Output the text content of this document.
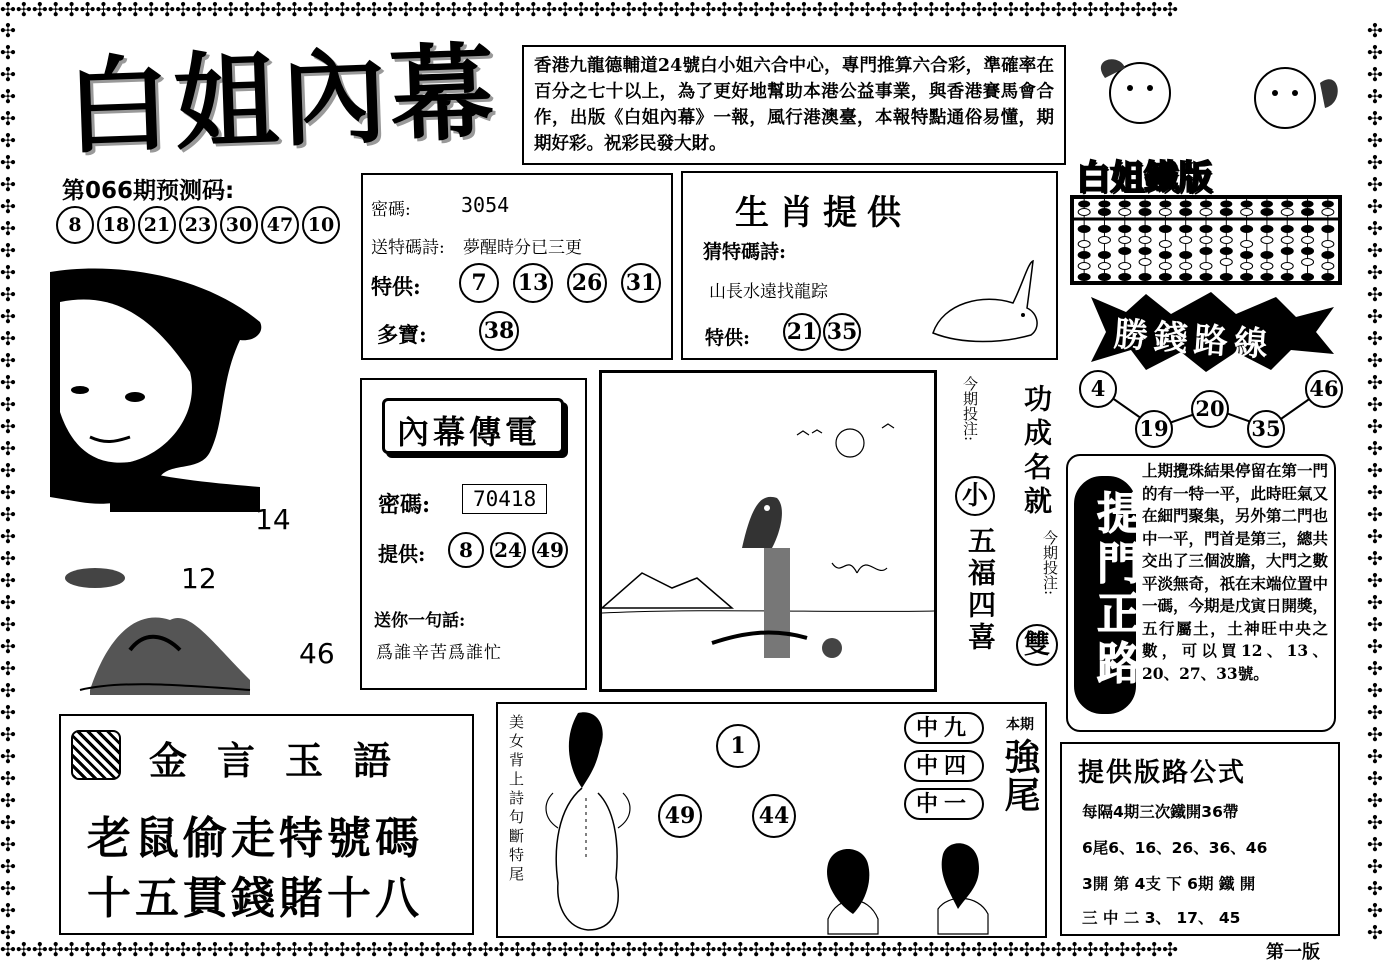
✣✣✣✣✣✣✣✣✣✣✣✣✣✣✣✣✣✣✣✣✣✣✣✣✣✣✣✣✣✣✣✣✣✣✣✣✣✣✣✣✣✣✣✣✣✣✣✣✣✣✣✣✣✣✣✣✣✣✣✣✣✣✣✣✣✣✣✣✣✣✣✣✣✣
✣✣✣✣✣✣✣✣✣✣✣✣✣✣✣✣✣✣✣✣✣✣✣✣✣✣✣✣✣✣✣✣✣✣✣✣✣✣✣✣✣✣✣✣✣✣✣✣✣✣✣✣✣✣✣✣✣✣✣✣✣✣✣✣✣✣✣✣✣✣✣✣✣✣
✣✣✣✣✣✣✣✣✣✣✣✣✣✣✣✣✣✣✣✣✣✣✣✣✣✣✣✣✣✣✣✣✣✣✣✣✣✣✣✣✣✣
✣✣✣✣✣✣✣✣✣✣✣✣✣✣✣✣✣✣✣✣✣✣✣✣✣✣✣✣✣✣✣✣✣✣✣✣✣✣✣✣✣✣
白姐內幕 香港九龍德輔道24號白小姐六合中心，專門推算六合彩，準確率在百分之七十以上，為了更好地幫助本港公益事業，與香港賽馬會合作，出版《白姐內幕》一報，風行港澳臺，本報特點通俗易懂，期期好彩。祝彩民發大財。
第066期预测码:
8	18 21 23 30 47 10
14
12
46
密碼:	3054
送特碼詩: 夢醒時分已三更
特供:	7	13 26 31
多寶:	38
生肖提供
猜特碼詩:
山長水遠找龍踪
特供: 21 35
白姐鐵版
勝錢路線
4
19
20
35
46
內幕傳電
密碼:	70418
提供:	8	24 49
送你一句話:
爲誰辛苦爲誰忙
今期投注:
小 功成名就
五福四喜	今期投注:
雙 提門正路
上期攪珠結果停留在第一門的有一特一平，此時旺氣又在細門聚集，另外第二門也中一平，門首是第三，總共交出了三個波膽，大門之數平淡無奇，祇在末端位置中一碼，今期是戊寅日開獎，五行屬土，土神旺中央之數，可以買12、13、20、27、33號。
金言玉語
老鼠偷走特號碼
十五貫錢賭十八
美女背上詩句斷特尾	1
49	44
中九
中四
中一
本期
強尾 提供版路公式
每隔4期三次鐵開36帶
6尾6、16、26、36、46
3開 第 4支 下 6期 鐵 開
三 中 二 3、 17、 45
第一版
